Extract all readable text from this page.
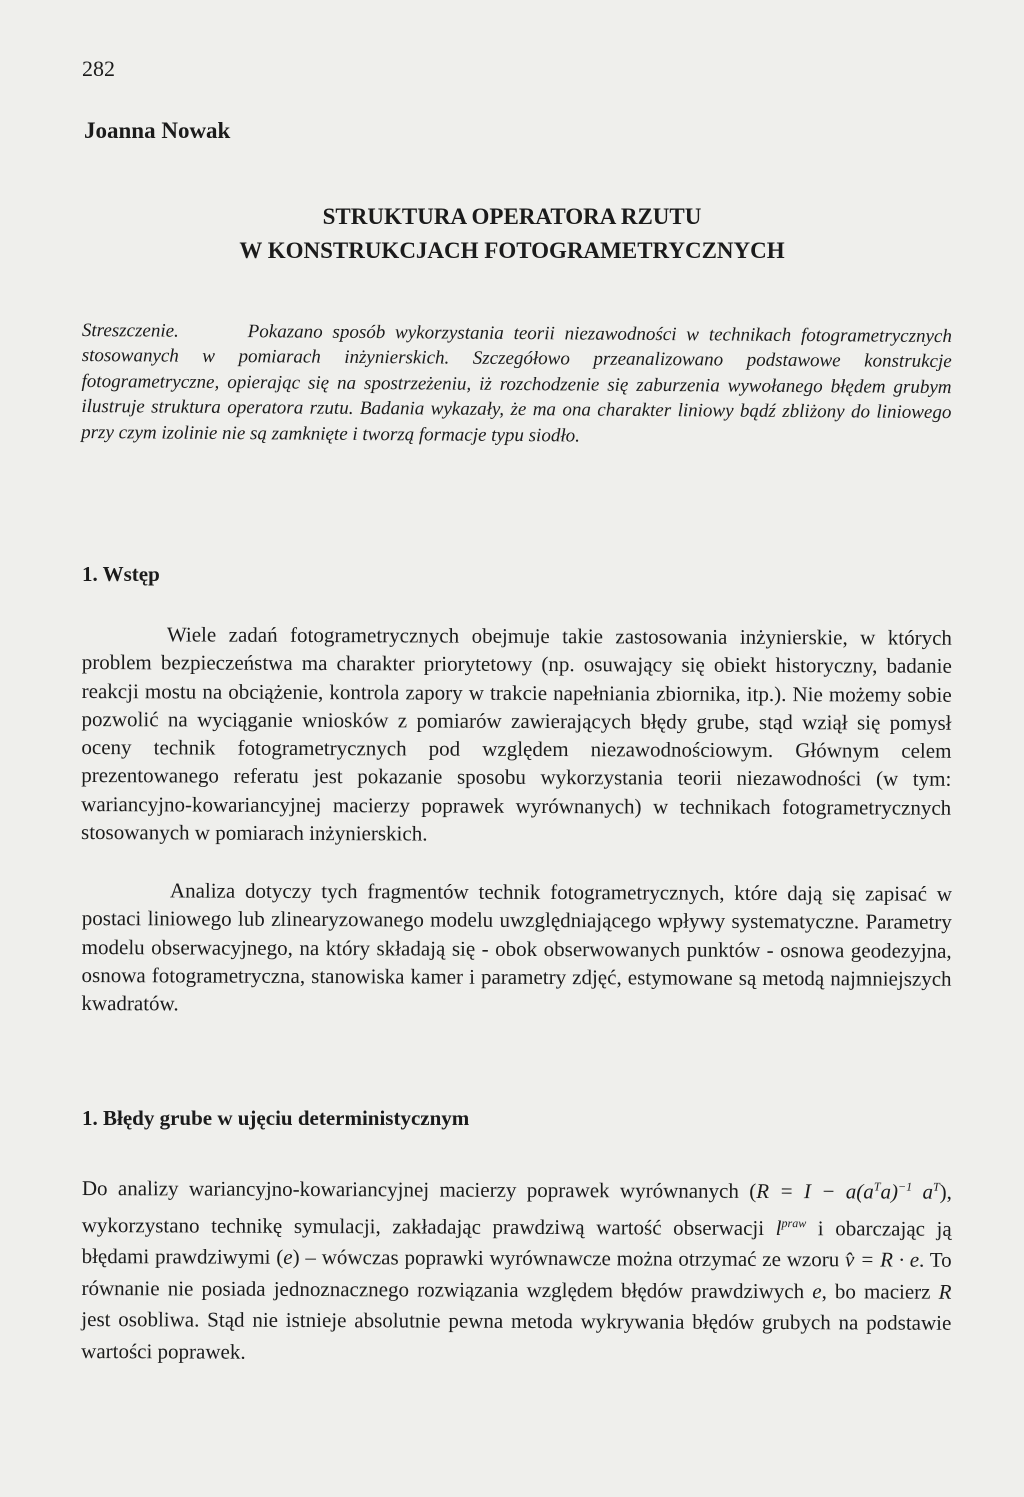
282
Joanna Nowak
STRUKTURA OPERATORA RZUTU
W KONSTRUKCJACH FOTOGRAMETRYCZNYCH
Streszczenie.	Pokazano sposób wykorzystania teorii niezawodności w technikach fotogrametrycznych stosowanych w pomiarach inżynierskich. Szczegółowo przeanalizowano podstawowe konstrukcje fotogrametryczne, opierając się na spostrzeżeniu, iż rozchodzenie się zaburzenia wywołanego błędem grubym ilustruje struktura operatora rzutu. Badania wykazały, że ma ona charakter liniowy bądź zbliżony do liniowego przy czym izolinie nie są zamknięte i tworzą formacje typu siodło.
1. Wstęp
Wiele zadań fotogrametrycznych obejmuje takie zastosowania inżynierskie, w których problem bezpieczeństwa ma charakter priorytetowy (np. osuwający się obiekt historyczny, badanie reakcji mostu na obciążenie, kontrola zapory w trakcie napełniania zbiornika, itp.). Nie możemy sobie pozwolić na wyciąganie wniosków z pomiarów zawierających błędy grube, stąd wziął się pomysł oceny technik fotogrametrycznych pod względem niezawodnościowym. Głównym celem prezentowanego referatu jest pokazanie sposobu wykorzystania teorii niezawodności (w tym: wariancyjno-kowariancyjnej macierzy poprawek wyrównanych) w technikach fotogrametrycznych stosowanych w pomiarach inżynierskich.
Analiza dotyczy tych fragmentów technik fotogrametrycznych, które dają się zapisać w postaci liniowego lub zlinearyzowanego modelu uwzględniającego wpływy systematyczne. Parametry modelu obserwacyjnego, na który składają się - obok obserwowanych punktów - osnowa geodezyjna, osnowa fotogrametryczna, stanowiska kamer i parametry zdjęć, estymowane są metodą najmniejszych kwadratów.
1. Błędy grube w ujęciu deterministycznym
Do analizy wariancyjno-kowariancyjnej macierzy poprawek wyrównanych ($R = I - a(a^Ta)^{-1}$ $a^T$), wykorzystano technikę symulacji, zakładając prawdziwą wartość obserwacji $l^{praw}$ i obarczając ją błędami prawdziwymi (e) – wówczas poprawki wyrównawcze można otrzymać ze wzoru v̂ = R · e. To równanie nie posiada jednoznacznego rozwiązania względem błędów prawdziwych e, bo macierz R jest osobliwa. Stąd nie istnieje absolutnie pewna metoda wykrywania błędów grubych na podstawie wartości poprawek.
